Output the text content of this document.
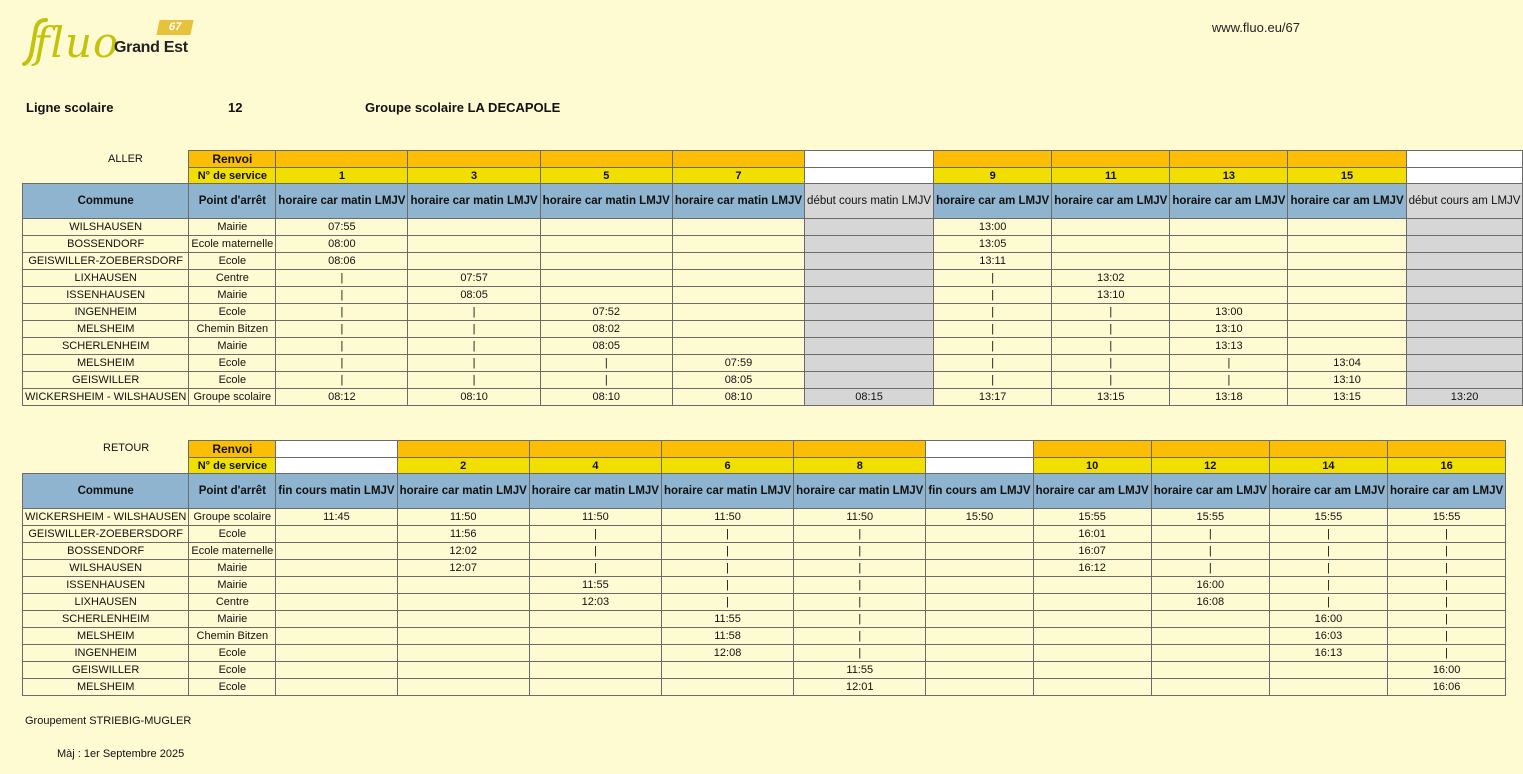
fluo
Grand Est
67	www.fluo.eu/67
Ligne scolaire	12	Groupe scolaire LA DECAPOLE
ALLER
RETOUR
	Renvoi										
	N° de service	1	3	5	7		9	11	13	15	
Commune	Point d'arrêt	horaire car matin LMJV	horaire car matin LMJV	horaire car matin LMJV	horaire car matin LMJV	début cours matin LMJV	horaire car am LMJV	horaire car am LMJV	horaire car am LMJV	horaire car am LMJV	début cours am LMJV
WILSHAUSEN	Mairie	07:55					13:00				
BOSSENDORF	Ecole maternelle	08:00					13:05				
GEISWILLER-ZOEBERSDORF	Ecole	08:06					13:11				
LIXHAUSEN	Centre	|	07:57				|	13:02			
ISSENHAUSEN	Mairie	|	08:05				|	13:10			
INGENHEIM	Ecole	|	|	07:52			|	|	13:00		
MELSHEIM	Chemin Bitzen	|	|	08:02			|	|	13:10		
SCHERLENHEIM	Mairie	|	|	08:05			|	|	13:13		
MELSHEIM	Ecole	|	|	|	07:59		|	|	|	13:04	
GEISWILLER	Ecole	|	|	|	08:05		|	|	|	13:10	
WICKERSHEIM - WILSHAUSEN	Groupe scolaire	08:12	08:10	08:10	08:10	08:15	13:17	13:15	13:18	13:15	13:20
	Renvoi										
	N° de service		2	4	6	8		10	12	14	16
Commune	Point d'arrêt	fin cours matin LMJV	horaire car matin LMJV	horaire car matin LMJV	horaire car matin LMJV	horaire car matin LMJV	fin cours am LMJV	horaire car am LMJV	horaire car am LMJV	horaire car am LMJV	horaire car am LMJV
WICKERSHEIM - WILSHAUSEN	Groupe scolaire	11:45	11:50	11:50	11:50	11:50	15:50	15:55	15:55	15:55	15:55
GEISWILLER-ZOEBERSDORF	Ecole		11:56	|	|	|		16:01	|	|	|
BOSSENDORF	Ecole maternelle		12:02	|	|	|		16:07	|	|	|
WILSHAUSEN	Mairie		12:07	|	|	|		16:12	|	|	|
ISSENHAUSEN	Mairie			11:55	|	|			16:00	|	|
LIXHAUSEN	Centre			12:03	|	|			16:08	|	|
SCHERLENHEIM	Mairie				11:55	|				16:00	|
MELSHEIM	Chemin Bitzen				11:58	|				16:03	|
INGENHEIM	Ecole				12:08	|				16:13	|
GEISWILLER	Ecole					11:55					16:00
MELSHEIM	Ecole					12:01					16:06
Groupement STRIEBIG-MUGLER
Màj : 1er Septembre 2025
